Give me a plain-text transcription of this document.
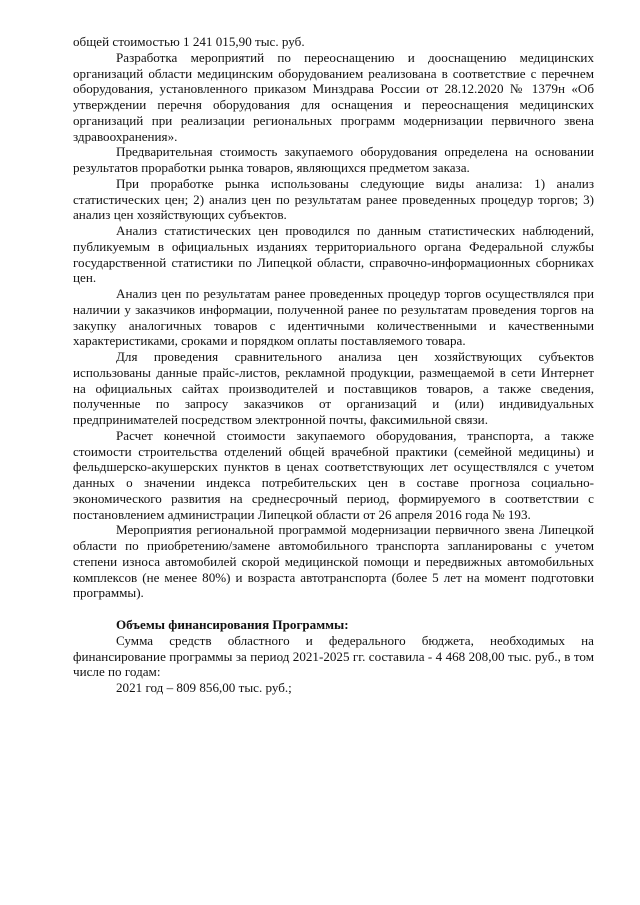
общей стоимостью 1 241 015,90 тыс. руб.

Разработка мероприятий по переоснащению и дооснащению медицинских организаций области медицинским оборудованием реализована в соответствие с перечнем оборудования, установленного приказом Минздрава России от 28.12.2020 № 1379н «Об утверждении перечня оборудования для оснащения и переоснащения медицинских организаций при реализации региональных программ модернизации первичного звена здравоохранения».

Предварительная стоимость закупаемого оборудования определена на основании результатов проработки рынка товаров, являющихся предметом заказа.

При проработке рынка использованы следующие виды анализа: 1) анализ статистических цен; 2) анализ цен по результатам ранее проведенных процедур торгов; 3) анализ цен хозяйствующих субъектов.

Анализ статистических цен проводился по данным статистических наблюдений, публикуемым в официальных изданиях территориального органа Федеральной службы государственной статистики по Липецкой области, справочно-информационных сборниках цен.

Анализ цен по результатам ранее проведенных процедур торгов осуществлялся при наличии у заказчиков информации, полученной ранее по результатам проведения торгов на закупку аналогичных товаров с идентичными количественными и качественными характеристиками, сроками и порядком оплаты поставляемого товара.

Для проведения сравнительного анализа цен хозяйствующих субъектов использованы данные прайс-листов, рекламной продукции, размещаемой в сети Интернет на официальных сайтах производителей и поставщиков товаров, а также сведения, полученные по запросу заказчиков от организаций и (или) индивидуальных предпринимателей посредством электронной почты, факсимильной связи.

Расчет конечной стоимости закупаемого оборудования, транспорта, а также стоимости строительства отделений общей врачебной практики (семейной медицины) и фельдшерско-акушерских пунктов в ценах соответствующих лет осуществлялся с учетом данных о значении индекса потребительских цен в составе прогноза социально-экономического развития на среднесрочный период, формируемого в соответствии с постановлением администрации Липецкой области от 26 апреля 2016 года № 193.

Мероприятия региональной программой модернизации первичного звена Липецкой области по приобретению/замене автомобильного транспорта запланированы с учетом степени износа автомобилей скорой медицинской помощи и передвижных автомобильных комплексов (не менее 80%) и возраста автотранспорта (более 5 лет на момент подготовки программы).

Объемы финансирования Программы:

Сумма средств областного и федерального бюджета, необходимых на финансирование программы за период 2021-2025 гг. составила - 4 468 208,00 тыс. руб., в том числе по годам:

2021 год – 809 856,00 тыс. руб.;
